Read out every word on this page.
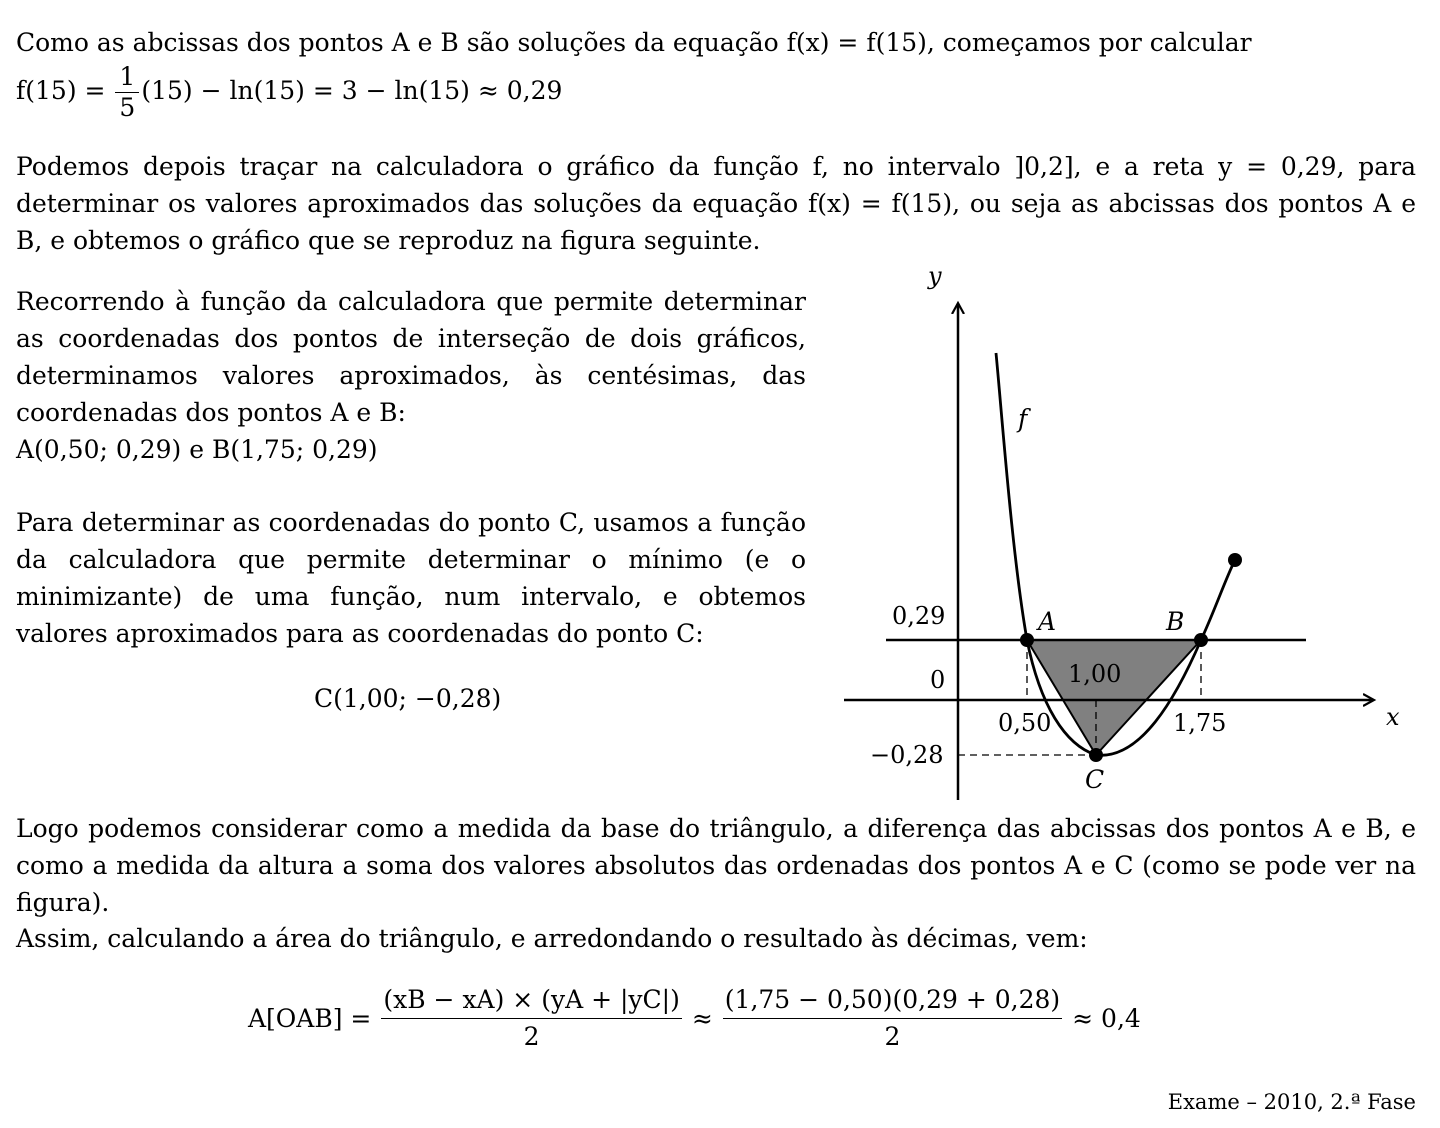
Como as abcissas dos pontos A e B são soluções da equação f(x) = f(15), começamos por calcular
$f(15) = \frac{1}{5} (15) - \ln(15) = 3 - \ln(15) \approx 0,29$
Podemos depois traçar na calculadora o gráfico da função f, no intervalo ]0,2], e a reta y = 0,29, para determinar os valores aproximados das soluções da equação f(x) = f(15), ou seja as abcissas dos pontos A e B, e obtemos o gráfico que se reproduz na figura seguinte.
Recorrendo à função da calculadora que permite determinar as coordenadas dos pontos de interseção de dois gráficos, determinamos valores aproximados, às centésimas, das coordenadas dos pontos A e B:
A(0,50; 0,29) e B(1,75; 0,29)
Para determinar as coordenadas do ponto C, usamos a função da calculadora que permite determinar o mínimo (e o minimizante) de uma função, num intervalo, e obtemos valores aproximados para as coordenadas do ponto C:
C(1,00; −0,28)
y
x
f
A	B
C
0,29
0
−0,28
0,50	1,75
1,00
Logo podemos considerar como a medida da base do triângulo, a diferença das abcissas dos pontos A e B, e como a medida da altura a soma dos valores absolutos das ordenadas dos pontos A e C (como se pode ver na figura).
Assim, calculando a área do triângulo, e arredondando o resultado às décimas, vem:
$A[OAB] = \frac{(xB - xA) \times (yA + |yC|)}{2} \approx \frac{(1,75 - 0,50)(0,29 + 0,28)}{2} \approx 0,4$
Exame – 2010, 2.ª Fase
